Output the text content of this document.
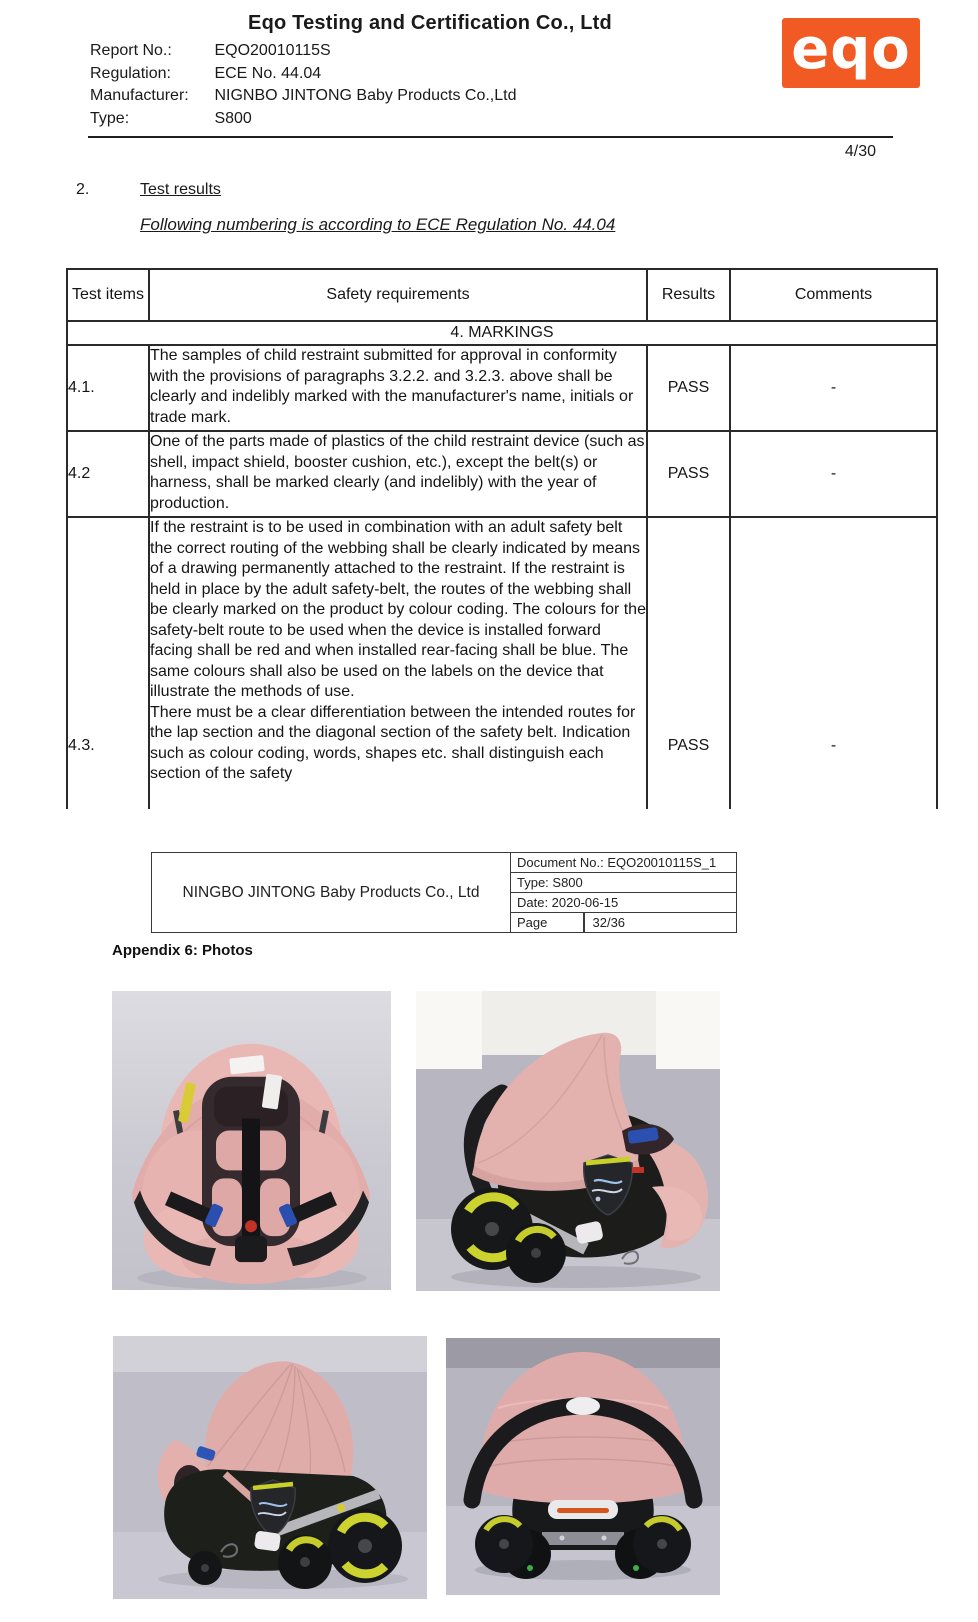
Eqo Testing and Certification Co., Ltd
Report No.:	EQO20010115S
Regulation:	ECE No. 44.04
Manufacturer: NIGNBO JINTONG Baby Products Co.,Ltd
Type:	S800
eqo
4/30
2.	Test results
Following numbering is according to ECE Regulation No. 44.04
Test items	Safety requirements	Results	Comments
4. MARKINGS			
4.1.	The samples of child restraint submitted for approval in conformity with the provisions of paragraphs 3.2.2. and 3.2.3. above shall be clearly and indelibly marked with the manufacturer's name, initials or trade mark.	PASS	-
4.2	One of the parts made of plastics of the child restraint device (such as shell, impact shield, booster cushion, etc.), except the belt(s) or harness, shall be marked clearly (and indelibly) with the year of production.	PASS	-
4.3.	If the restraint is to be used in combination with an adult safety belt the correct routing of the webbing shall be clearly indicated by means of a drawing permanently attached to the restraint. If the restraint is held in place by the adult safety-belt, the routes of the webbing shall be clearly marked on the product by colour coding. The colours for the safety-belt route to be used when the device is installed forward facing shall be red and when installed rear-facing shall be blue. The same colours shall also be used on the labels on the device that illustrate the methods of use.

There must be a clear differentiation between the intended routes for the lap section and the diagonal section of the safety belt. Indication such as colour coding, words, shapes etc. shall distinguish each section of the safety	PASS	-
NINGBO JINTONG Baby Products Co., Ltd	Document No.: EQO20010115S_1
Type: S800
Date: 2020-06-15

Page	32/36
Appendix 6: Photos
